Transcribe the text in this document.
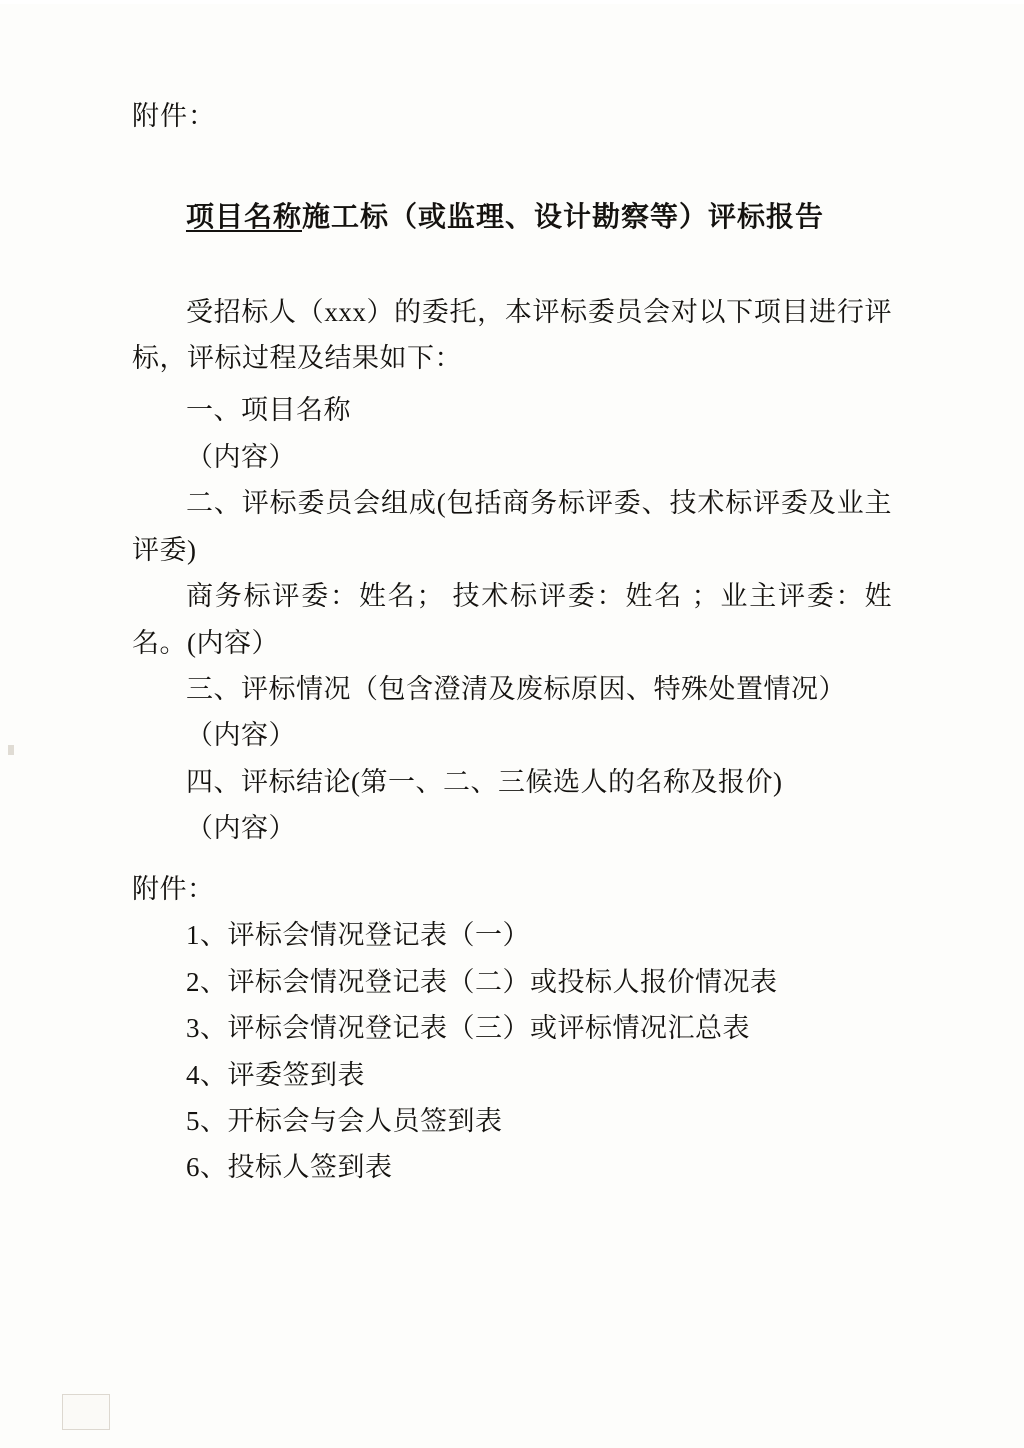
附件：

项目名称施工标（或监理、设计勘察等）评标报告

受招标人（xxx）的委托，本评标委员会对以下项目进行评标，评标过程及结果如下：

一、项目名称

（内容）

二、评标委员会组成(包括商务标评委、技术标评委及业主评委)

商务标评委：姓名； 技术标评委：姓名 ；业主评委：姓名。(内容）

三、评标情况（包含澄清及废标原因、特殊处置情况）

（内容）

四、评标结论(第一、二、三候选人的名称及报价)

（内容）

附件：

1、评标会情况登记表（一）
2、评标会情况登记表（二）或投标人报价情况表
3、评标会情况登记表（三）或评标情况汇总表
4、评委签到表
5、开标会与会人员签到表
6、投标人签到表
